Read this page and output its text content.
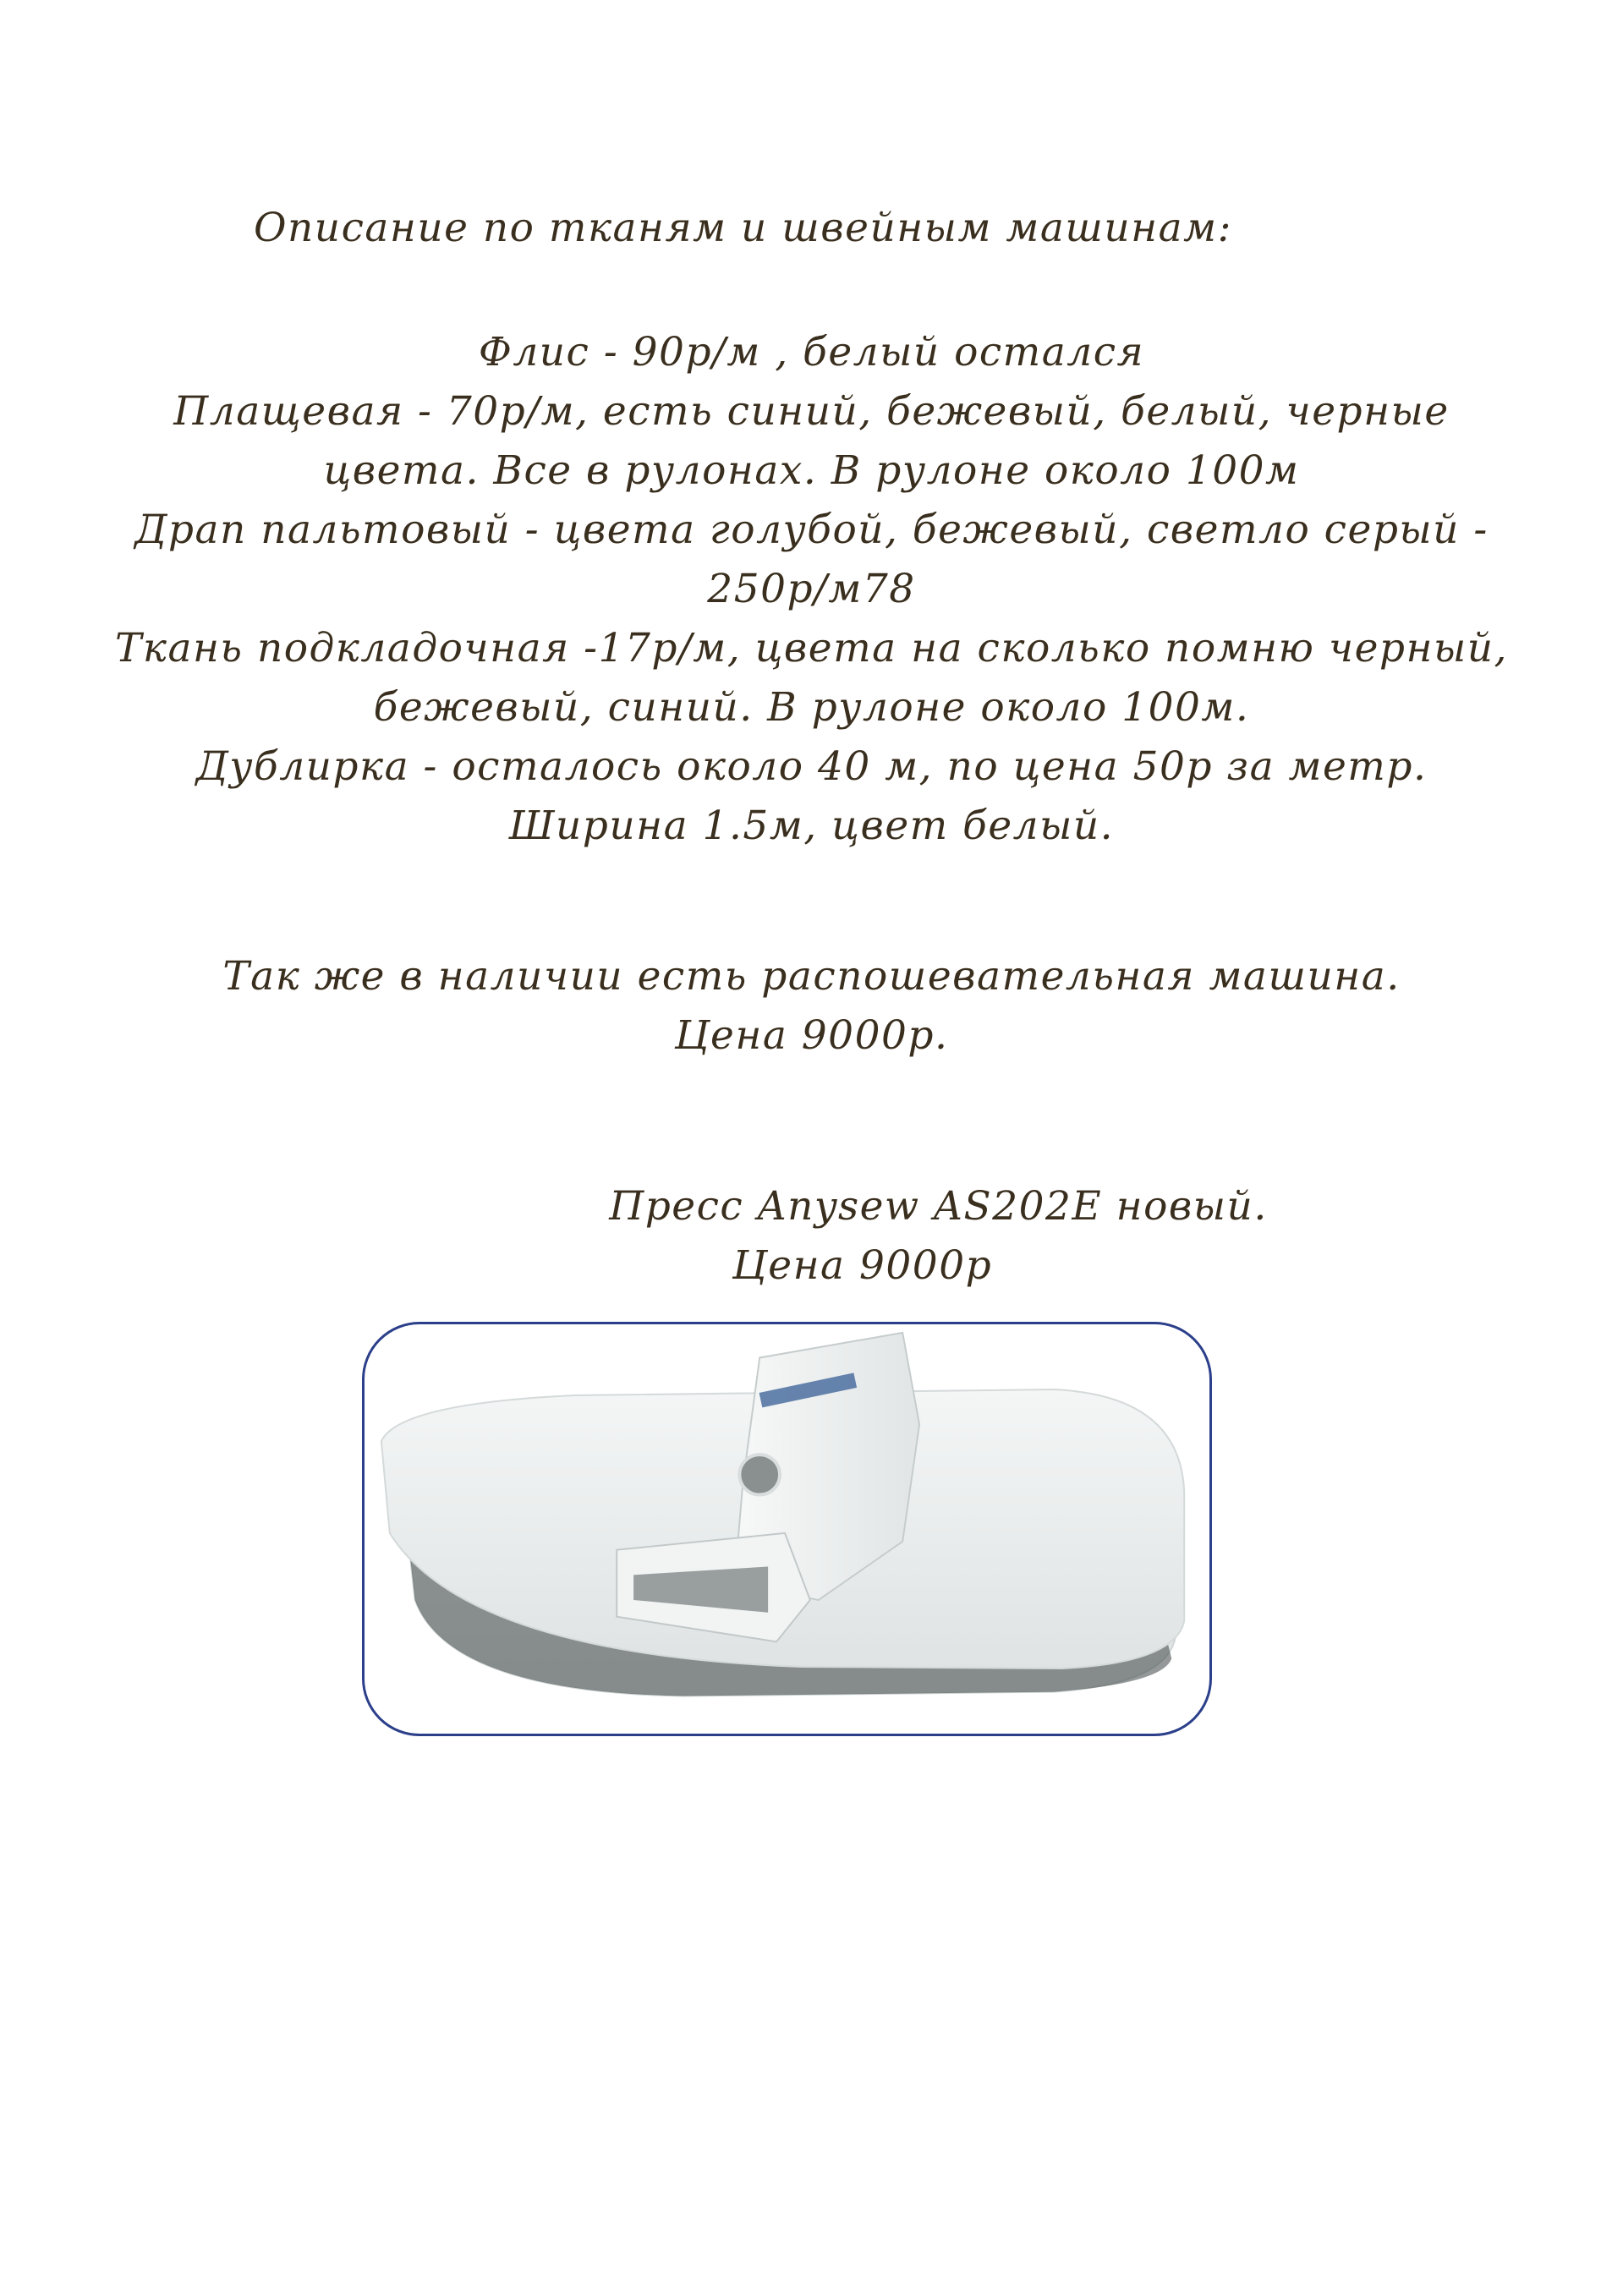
Описание по тканям и швейным машинам:
Флис - 90р/м , белый остался
Плащевая - 70р/м, есть синий, бежевый, белый, черные
цвета. Все в рулонах. В рулоне около 100м
Драп пальтовый - цвета голубой, бежевый, светло серый -
250р/м78
Ткань подкладочная -17р/м, цвета на сколько помню черный,
бежевый, синий. В рулоне около 100м.
Дублирка - осталось около 40 м, по цена 50р за метр.
Ширина 1.5м, цвет белый.
Так же в наличии есть распошевательная машина.
Цена 9000р.
Пресс Anysew AS202E новый.
Цена 9000р
